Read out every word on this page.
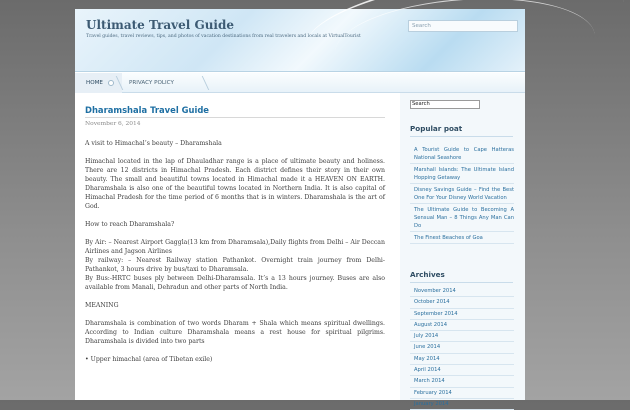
Ultimate Travel Guide
Travel guides, travel reviews, tips, and photos of vacation destinations from real travelers and locals at VirtualTourist
Search
HOME	PRIVACY POLICY
Dharamshala Travel Guide
November 6, 2014

A visit to Himachal’s beauty – Dharamshala

Himachal located in the lap of Dhauladhar range is a place of ultimate beauty and holiness. There are 12 districts in Himachal Pradesh. Each district defines their story in their own beauty. The small and beautiful towns located in Himachal made it a HEAVEN ON EARTH. Dharamshala is also one of the beautiful towns located in Northern India. It is also capital of Himachal Pradesh for the time period of 6 months that is in winters. Dharamshala is the art of God.

How to reach Dharamshala?

By Air: – Nearest Airport Gaggla(13 km from Dharamsala),Daily flights from Delhi – Air Deccan Airlines and Jagson Airlines

By railway: – Nearest Railway station Pathankot. Overnight train journey from Delhi-Pathankot, 3 hours drive by bus/taxi to Dharamsala.

By Bus:-HRTC buses ply between Delhi-Dharamsala. It’s a 13 hours journey. Buses are also available from Manali, Dehradun and other parts of North India.

MEANING

Dharamshala is combination of two words Dharam + Shala which means spiritual dwellings. According to Indian culture Dharamshala means a rest house for spiritual pilgrims. Dharamshala is divided into two parts

• Upper himachal (area of Tibetan exile)

Search
Popular poat
A Tourist Guide to Cape Hatteras National Seashore
Marshall Islands: The Ultimate Island Hopping Getaway
Disney Savings Guide – Find the Best One For Your Disney World Vacation
The Ultimate Guide to Becoming A Sensual Man – 8 Things Any Man Can Do
The Finest Beaches of Goa
Archives
November 2014
October 2014
September 2014
August 2014
July 2014
June 2014
May 2014
April 2014
March 2014
February 2014
January 2014
